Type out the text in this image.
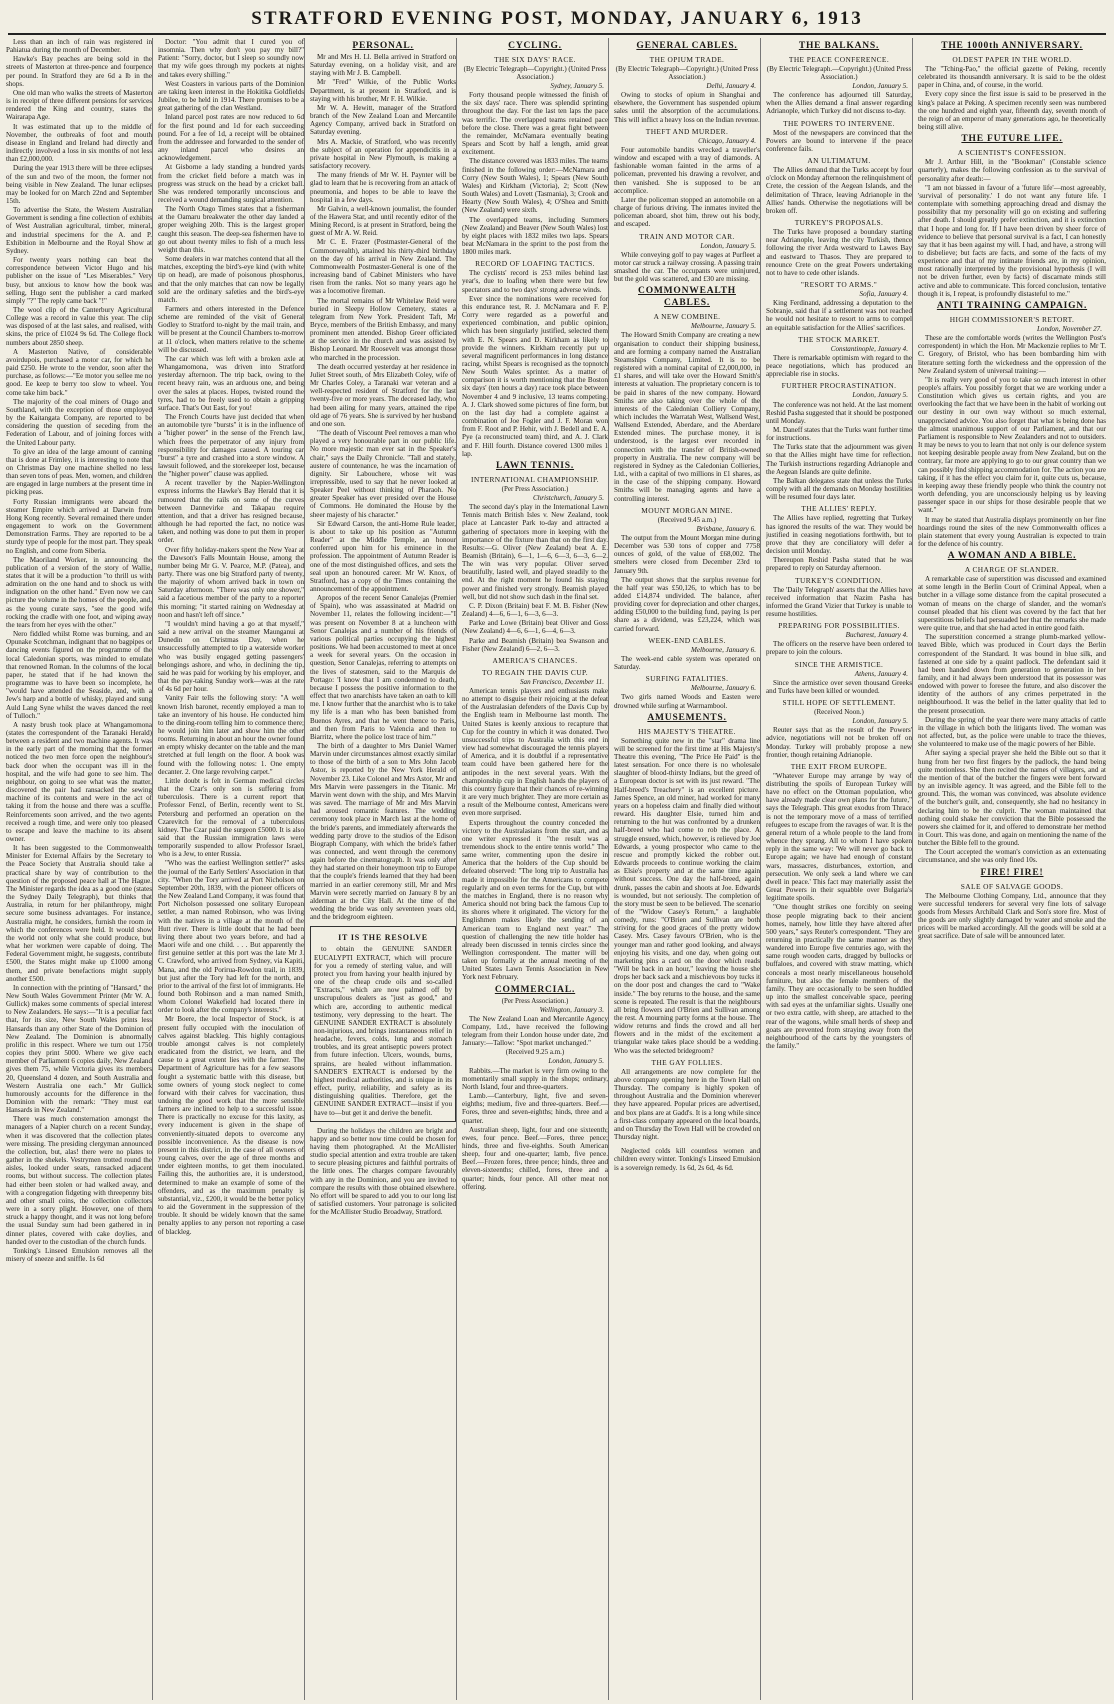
STRATFORD EVENING POST, MONDAY, JANUARY 6, 1913

Less than an inch of rain was registered in Pahiatua during the month of December.

Hawke's Bay peaches are being sold in the streets of Masterton at three-pence and fourpence per pound. In Stratford they are 6d a lb in the shops.

One old man who walks the streets of Masterton is in receipt of three different pensions for services rendered the King and country, states the Wairarapa Age.

It was estimated that up to the middle of November, the outbreaks of foot and mouth disease in England and Ireland had directly and indirectly involved a loss in six months of not less than £2,000,000.

During the year 1913 there will be three eclipses of the sun and two of the moon, the former not being visible in New Zealand. The lunar eclipses may be looked for on March 22nd and September 15th.

To advertise the State, the Western Australian Government is sending a fine collection of exhibits of West Australian agricultural, timber, mineral, and industrial specimens for the A. and P. Exhibition in Melbourne and the Royal Show at Sydney.

For twenty years nothing can beat the correspondence between Victor Hugo and his publisher on the issue of "Les Miserables." Very busy, but anxious to know how the book was selling, Hugo sent the publisher a card marked simply "?" The reply came back "!"

The wool clip of the Canterbury Agricultural College was a record in value this year. The clip was disposed of at the last sales, and realised, with skins, the price of £1024 9s 6d. The College flock numbers about 2850 sheep.

A Masterton Native, of considerable avoirdupois, purchased a motor car, for which he paid £250. He wrote to the vendor, soon after the purchase, as follows:—"Ee motor you sellee me no good. Ee keep te berry too slow to wheel. You come take him back."

The majority of the coal miners of Otago and Southland, with the exception of those employed by the Kaitangata Company, are reported to be considering the question of seceding from the Federation of Labour, and of joining forces with the United Labour party.

To give an idea of the large amount of canning that is done at Frimley, it is interesting to note that on Christmas Day one machine shelled no less than seven tons of peas. Men, women, and children are engaged in large numbers at the present time in picking peas.

Forty Russian immigrants were aboard the steamer Empire which arrived at Darwin from Hong Kong recently. Several remained there under engagement to work on the Government Demonstration Farms. They are reported to be a sturdy type of people for the most part. They speak no English, and come from Siberia.

The Maoriland Worker, in announcing the publication of a version of the story of Wallie, states that it will be a production "to thrill us with admiration on the one hand and to shock us with indignation on the other hand." Even now we can picture the volume in the homes of the people, and, as the young curate says, "see the good wife rocking the cradle with one foot, and wiping away the tears from her eyes with the other."

Nero fiddled whilst Rome was burning, and an Opunake Scotchman, indignant that no bagpipes or dancing events figured on the programme of the local Caledonian sports, was minded to emulate that renowned Roman. In the columns of the local paper, he stated that if he had known the programme was to have been so incomplete, he "would have attended the Seaside, and, with a Jew's harp and a bottle of whisky, played and sung Auld Lang Syne whilst the waves danced the reel of Tulloch."

A nasty brush took place at Whangamomona (states the correspondent of the Taranaki Herald) between a resident and two machine agents. It was in the early part of the morning that the former noticed the two men force open the neighbour's back door when the occupant was ill in the hospital, and the wife had gone to see him. The neighbour, on going to see what was the matter, discovered the pair had ransacked the sewing machine of its contents and were in the act of taking it from the house and there was a scuffle. Reinforcements soon arrived, and the two agents received a rough time, and were only too pleased to escape and leave the machine to its absent owner.

It has been suggested to the Commonwealth Minister for External Affairs by the Secretary to the Peace Society that Australia should take a practical share by way of contribution to the question of the proposed peace hall at The Hague. The Minister regards the idea as a good one (states the Sydney Daily Telegraph), but thinks that Australia, in return for her philanthropy, might secure some business advantages. For instance, Australia might, he considers, furnish the room in which the conferences were held. It would show the world not only what she could produce, but what her workmen were capable of doing. The Federal Government might, he suggests, contribute £500, the States might make up £1000 among them, and private benefactions might supply another £500.

In connection with the printing of "Hansard," the New South Wales Government Printer (Mr W. A. Gullick) makes some comments of special interest to New Zealanders. He says:—"It is a peculiar fact that, for its size, New South Wales prints less Hansards than any other State of the Dominion of New Zealand. The Dominion is abnormally prolific in this respect. Where we turn out 1750 copies they print 5000. Where we give each member of Parliament 6 copies daily, New Zealand gives them 75, while Victoria gives its members 20, Queensland 4 dozen, and South Australia and Western Australia one each." Mr Gullick humorously accounts for the difference in the Dominion with the remark: "They must eat Hansards in New Zealand."

There was much consternation amongst the managers of a Napier church on a recent Sunday, when it was discovered that the collection plates were missing. The presiding clergyman announced the collection, but, alas! there were no plates to gather in the shekels. Vestrymen trotted round the aisles, looked under seats, ransacked adjacent rooms, but without success. The collection plates had either been stolen or had walked away, and with a congregation fidgeting with threepenny bits and other small coins, the collection collectors were in a sorry plight. However, one of them struck a happy thought, and it was not long before the usual Sunday sum had been gathered in in dinner plates, covered with cake doylies, and handed over to the custodian of the church funds.

Tonking's Linseed Emulsion removes all the misery of sneeze and sniffle. 1s 6d

Doctor: "You admit that I cured you of insomnia. Then why don't you pay my bill?" Patient: "Sorry, doctor, but I sleep so soundly now that my wife goes through my pockets at nights and takes every shilling."

West Coasters in various parts of the Dominion are taking keen interest in the Hokitika Goldfields Jubilee, to be held in 1914. There promises to be a great gathering of the clan Westland.

Inland parcel post rates are now reduced to 6d for the first pound and 1d for each succeeding pound. For a fee of 1d, a receipt will be obtained from the addressee and forwarded to the sender of any inland parcel who desires an acknowledgement.

At Gisborne a lady standing a hundred yards from the cricket field before a match was in progress was struck on the head by a cricket ball. She was rendered temporarily unconscious and received a wound demanding surgical attention.

The North Otago Times states that a fisherman at the Oamaru breakwater the other day landed a groper weighing 20lb. This is the largest groper caught this season. The deep-sea fishermen have to go out about twenty miles to fish of a much less weight than this.

Some dealers in war matches contend that all the matches, excepting the bird's-eye kind (with white tip on head), are made of poisonous phosphorus, and that the only matches that can now be legally sold are the ordinary safeties and the bird's-eye match.

Farmers and others interested in the Defence scheme are reminded of the visit of General Godley to Stratford to-night by the mail train, and will be present at the Council Chambers to-morrow at 11 o'clock, when matters relative to the scheme will be discussed.

The car which was left with a broken axle at Whangamomona, was driven into Stratford yesterday afternoon. The trip back, owing to the recent heavy rain, was an arduous one, and being over the sales at places. Hopes, twisted round the tyres, had to be freely used to obtain a gripping surface. That's Out East, for you!

The French Courts have just decided that when an automobile tyre "bursts" it is in the influence of a "higher power" in the sense of the French law, which frees the perpetrator of any injury from responsibility for damages caused. A touring car "burst" a tyre and crashed into a store window. A lawsuit followed, and the storekeeper lost, because the "higher power" clause was applied.

A recent traveller by the Napier-Wellington express informs the Hawke's Bay Herald that it is rumoured that the rails on some of the curves between Dannevirke and Takapau require attention, and that a driver has resigned because, although he had reported the fact, no notice was taken, and nothing was done to put them in proper order.

Over fifty holiday-makers spent the New Year at the Dawson's Falls Mountain House, among the number being Mr G. V. Pearce, M.P. (Patea), and party. There was one big Stratford party of twenty, the majority of whom arrived back in town on Saturday afternoon. "There was only one shower," said a facetious member of the party to a reporter this morning; "it started raining on Wednesday at noon and hasn't left off since."

"I wouldn't mind having a go at that myself," said a new arrival on the steamer Maunganui at Dunedin on Christmas Day, when he unsuccessfully attempted to tip a waterside worker who was busily engaged getting passengers' belongings ashore, and who, in declining the tip, said he was paid for working by his employer, and that the pay-taking Sunday work—was at the rate of 4s 6d per hour.

Vanity Fair tells the following story: "A well known Irish baronet, recently employed a man to take an inventory of his house. He conducted him to the dining-room telling him to commence there; he would join him later and show him the other rooms. Returning in about an hour the owner found an empty whisky decanter on the table and the man stretched at full length on the floor. A book was found with the following notes: 1. One empty decanter. 2. One large revolving carpet."

Little doubt is felt in German medical circles that the Czar's only son is suffering from tuberculosis. There is a current report that Professor Fenzl, of Berlin, recently went to St. Petersburg and performed an operation on the Czarevitch for the removal of a tuberculous kidney. The Czar paid the surgeon £5000. It is also said that the Russian immigration laws were temporarily suspended to allow Professor Israel, who is a Jew, to enter Russia.

"Who was the earliest Wellington settler?" asks the journal of the Early Settlers' Association in that city. "When the Tory arrived at Port Nicholson on September 20th, 1839, with the pioneer officers of the New Zealand Land Company, it was found that Port Nicholson possessed one solitary European settler, a man named Robinson, who was living with the natives in a village at the mouth of the Hutt river. There is little doubt that he had been living there about two years before, and had a Maori wife and one child. . . . But apparently the first genuine settler at this port was the late Mr J. C. Crawford, who arrived from Sydney, via Kapiti, Mana, and the old Porirua-Rowdon trail, in 1839, but just after the Tory had left for the north, and prior to the arrival of the first lot of immigrants. He found both Robinson and a man named Smith, whom Colonel Wakefield had located there in order to look after the company's interests."

Mr Boere, the local Inspector of Stock, is at present fully occupied with the inoculation of calves against blackleg. This highly contagious trouble amongst calves is not completely eradicated from the district, we learn, and the cause to a great extent lies with the farmer. The Department of Agriculture has for a few seasons fought a systematic battle with this disease, but some owners of young stock neglect to come forward with their calves for vaccination, thus undoing the good work that the more sensible farmers are inclined to help to a successful issue. There is practically no excuse for this laxity, as every inducement is given in the shape of conveniently-situated depots to overcome any possible inconvenience. As the disease is now present in this district, in the case of all owners of young calves, over the age of three months and under eighteen months, to get them inoculated. Failing this, the authorities are, it is understood, determined to make an example of some of the offenders, and as the maximum penalty is substantial, viz., £200, it would be the better policy to aid the Government in the suppression of the trouble. It should be widely known that the same penalty applies to any person not reporting a case of blackleg.

PERSONAL.

Mr and Mrs H. Ll. Bella arrived in Stratford on Saturday evening, on a holiday visit, and are staying with Mr J. B. Campbell.

Mr "Fred" Wilkie, of the Public Works Department, is at present in Stratford, and is staying with his brother, Mr F. H. Wilkie.

Mr W. A. Hewitt, manager of the Stratford branch of the New Zealand Loan and Mercantile Agency Company, arrived back in Stratford on Saturday evening.

Mrs A. Mackie, of Stratford, who was recently the subject of an operation for appendicitis in a private hospital in New Plymouth, is making a satisfactory recovery.

The many friends of Mr W. H. Paynter will be glad to learn that he is recovering from an attack of pneumonia, and hopes to be able to leave the hospital in a few days.

Mr Galvin, a well-known journalist, the founder of the Hawera Star, and until recently editor of the Mining Record, is at present in Stratford, being the guest of Mr A. W. Reid.

Mr C. E. Frazer (Postmaster-General of the Commonwealth), attained his thirty-third birthday on the day of his arrival in New Zealand. The Commonwealth Postmaster-General is one of the increasing band of Cabinet Ministers who have risen from the ranks. Not so many years ago he was a locomotive fireman.

The mortal remains of Mr Whitelaw Reid were buried in Sleepy Hollow Cemetery, states a telegram from New York. President Taft, Mr Bryce, members of the British Embassy, and many prominent men attended. Bishop Greer officiated at the service in the church and was assisted by Bishop Leonard. Mr Roosevelt was amongst those who marched in the procession.

The death occurred yesterday at her residence in Juliet Street south, of Mrs Elizabeth Coley, wife of Mr Charles Coley, a Taranaki war veteran and a well-respected resident of Stratford for the last twenty-five or more years. The deceased lady, who had been ailing for many years, attained the ripe old age of 76 years. She is survived by her husband and one son.

"The death of Viscount Peel removes a man who played a very honourable part in our public life. No more majestic man ever sat in the Speaker's chair," says the Daily Chronicle. "Tall and stately, austere of countenance, he was the incarnation of dignity. Sir Labouchere, whose wit was irrepressible, used to say that he never looked at Speaker Peel without thinking of Pharaoh. No greater Speaker has ever presided over the House of Commons. He dominated the House by the sheer majesty of his character."

Sir Edward Carson, the anti-Home Rule leader, is about to take up his position as "Autumn Reader" at the Middle Temple, an honour conferred upon him for his eminence in the profession. The appointment of Autumn Reader is one of the most distinguished offices, and sets the seal upon an honoured career. Mr W. Knox, of Stratford, has a copy of the Times containing the announcement of the appointment.

Apropos of the recent Senor Canalejas (Premier of Spain), who was assassinated at Madrid on November 11, relates the following incident:—"I was present on November 8 at a luncheon with Senor Canalejas and a number of his friends of various political parties occupying the highest positions. We had been accustomed to meet at once a week for several years. On the occasion in question, Senor Canalejas, referring to attempts on the lives of statesmen, said to the Marquis de Portago: 'I know that I am condemned to death, because I possess the positive information to the effect that two anarchists have taken an oath to kill me. I know further that the anarchist who is to take my life is a man who has been banished from Buenos Ayres, and that he went thence to Paris, and then from Paris to Valencia and then to Biarritz, where the police lost trace of him.'"

The birth of a daughter to Mrs Daniel Warner Marvin under circumstances almost exactly similar to those of the birth of a son to Mrs John Jacob Astor, is reported by the New York Herald of November 23. Like Colonel and Mrs Astor, Mr and Mrs Marvin were passengers in the Titanic. Mr Marvin went down with the ship, and Mrs Marvin was saved. The marriage of Mr and Mrs Marvin had aroused romantic features. The wedding ceremony took place in March last at the home of the bride's parents, and immediately afterwards the wedding party drove to the studios of the Edison Biograph Company, with which the bride's father was connected, and went through the ceremony again before the cinematograph. It was only after they had started on their honeymoon trip to Europe that the couple's friends learned that they had been married in an earlier ceremony still, Mr and Mrs Marvin were secretly married on January 8 by an alderman at the City Hall. At the time of the wedding the bride was only seventeen years old, and the bridegroom eighteen.

IT IS THE RESOLVE

to obtain the GENUINE SANDER EUCALYPTI EXTRACT, which will procure for you a remedy of sterling value, and will protect you from having your health injured by one of the cheap crude oils and so-called "Extracts," which are now palmed off by unscrupulous dealers as "just as good," and which are, according to authentic medical testimony, very depressing to the heart. The GENUINE SANDER EXTRACT is absolutely non-injurious, and brings instantaneous relief in headache, fevers, colds, lung and stomach troubles, and its great antiseptic powers protect from future infection. Ulcers, wounds, burns, sprains, are healed without inflammation. SANDER'S EXTRACT is endorsed by the highest medical authorities, and is unique in its effect, purity, reliability, and safety as its distinguishing qualities. Therefore, get the GENUINE SANDER EXTRACT—insist if you have to—but get it and derive the benefit.

During the holidays the children are bright and happy and so better now time could be chosen for having them photographed. At the McAllister studio special attention and extra trouble are taken to secure pleasing pictures and faithful portraits of the little ones. The charges compare favourably with any in the Dominion, and you are invited to compare the results with those obtained elsewhere. No effort will be spared to add you to our long list of satisfied customers. Your patronage is solicited for the McAllister Studio Broadway, Stratford.

CYCLING.
THE SIX DAYS' RACE.
(By Electric Telegraph—Copyright.) (United Press Association.)
Sydney, January 5.

Forty thousand people witnessed the finish of the six days' race. There was splendid sprinting throughout the day. For the last ten laps the pace was terrific. The overlapped teams retained pace before the close. There was a great fight between the remainder, McNamara eventually beating Spears and Scott by half a length, amid great excitement.

The distance covered was 1833 miles. The teams finished in the following order:—McNamara and Corry (New South Wales), 1; Spears (New South Wales) and Kirkham (Victoria), 2; Scott (New South Wales) and Lovett (Tasmania), 3; Crook and Hearty (New South Wales), 4; O'Shea and Smith (New Zealand) were sixth.

The overlapped teams, including Summers (New Zealand) and Beaver (New South Wales) lost by eight places with 1832 miles two laps. Spears beat McNamara in the sprint to the post from the 1800 miles mark.

RECORD OF LOAFING TACTICS.

The cyclists' record is 253 miles behind last year's, due to loafing when there were but few spectators and to two days' strong adverse winds.

Ever since the nominations were received for this endurance test, R. J. McNamara and F. P. Corry were regarded as a powerful and experienced combination, and public opinion, which has been singularly justified, selected them with E. N. Spears and D. Kirkham as likely to provide the winners. Kirkham recently put up several magnificent performances in long distance racing, whilst Spears is recognised as the topnotch New South Wales sprinter. As a matter of comparison it is worth mentioning that the Boston six days' (ten hours a day) race took place between November 4 and 9 inclusive, 13 teams competing. A. J. Clark showed some pictures of fine form, but on the last day had a complete against a combination of Joe Fogler and J. F. Moran won from F. Root and P. Hehir, with J. Bedell and E. A. Pye (a reconstructed team) third, and A. J. Clark and F. Hill fourth. Distance covered 1300 miles 1 lap.

LAWN TENNIS.
INTERNATIONAL CHAMPIONSHIP.
(Per Press Association.)
Christchurch, January 5.

The second day's play in the International Lawn Tennis match British Isles v. New Zealand, took place at Lancaster Park to-day and attracted a gathering of spectators more in keeping with the importance of the fixture than that on the first day. Results:—G. Oliver (New Zealand) beat A. E. Beamish (Britain), 6—1, 1—6, 6—3, 6—3, 6—2. The win was very popular. Oliver served beautifully, lasted well, and played steadily to the end. At the right moment he found his staying power and finished very strongly. Beamish played well, but did not show such dash in the final set.

C. P. Dixon (Britain) beat F. M. B. Fisher (New Zealand) 4—6, 6—1, 6—3, 6—3.

Parke and Lowe (Britain) beat Oliver and Goss (New Zealand) 4—6, 6—1, 6—4, 6—3.

Parke and Beamish (Britain) bea Swanson and Fisher (New Zealand) 6—2, 6—3.

AMERICA'S CHANCES.
TO REGAIN THE DAVIS CUP.
San Francisco, December 11.

American tennis players and enthusiasts make no attempt to disguise their rejoicing at the defeat of the Australasian defenders of the Davis Cup by the English team in Melbourne last month. The United States is keenly anxious to recapture that Cup for the country in which it was donated. Two unsuccessful trips to Australia with this end in view had somewhat discouraged the tennis players of America, and it is doubtful if a representative team could have been gathered here for the antipodes in the next several years. With the championship cup in English hands the players of this country figure that their chances of re-winning it are very much brighter. They are more certain as a result of the Melbourne contest, Americans were even more surprised.

Experts throughout the country conceded the victory to the Australasians from the start, and as one writer expressed it "the result was a tremendous shock to the entire tennis world." The same writer, commenting upon the desire in America that the holders of the Cup should be defeated observed: "The long trip to Australia has made it impossible for the Americans to compete regularly and on even terms for the Cup, but with the matches in England, there is no reason why America should not bring back the famous Cup to its shores where it originated. The victory for the Englishmen makes likely the sending of an American team to England next year." The question of challenging the new title holder has already been discussed in tennis circles since the Wellington correspondent. The matter will be taken up formally at the annual meeting of the United States Lawn Tennis Association in New York next February.

COMMERCIAL.
(Per Press Association.)
Wellington, January 3.

The New Zealand Loan and Mercantile Agency Company, Ltd., have received the following telegram from their London house under date, 2nd January:—Tallow: "Spot market unchanged."

(Received 9.25 a.m.)
London, January 5.

Rabbits.—The market is very firm owing to the momentarily small supply in the shops; ordinary, North Island, four and three-quarters.

Lamb.—Canterbury, light, five and seven-eighths; medium, five and three-quarters. Beef.—Fores, three and seven-eighths; hinds, three and a quarter.

Australian sheep, light, four and one sixteenth; ewes, four pence. Beef.—Fores, three pence; hinds, three and five-eighths. South American sheep, four and one-quarter; lamb, five pence. Beef.—Frozen fores, three pence; hinds, three and eleven-sixteenths; chilled, fores, three and a quarter; hinds, four pence. All other meat not offering.

GENERAL CABLES.
THE OPIUM TRADE.
(By Electric Telegraph—Copyright.) (United Press Association.)
Delhi, January 4.

Owing to stocks of opium in Shanghai and elsewhere, the Government has suspended opium sales until the absorption of the accumulations. This will inflict a heavy loss on the Indian revenue.

THEFT AND MURDER.
Chicago, January 4.

Four automobile bandits wrecked a traveller's window and escaped with a tray of diamonds. A fashionable woman fainted in the arms of a policeman, prevented his drawing a revolver, and then vanished. She is supposed to be an accomplice.

Later the policeman stopped an automobile on a charge of furious driving. The inmates invited the policeman aboard, shot him, threw out his body, and escaped.

TRAIN AND MOTOR CAR.
London, January 5.

While conveying golf to pay wages at Purfleet a motor car struck a railway crossing. A passing train smashed the car. The occupants were uninjured, but the gold was scattered, and £30 are missing.

COMMONWEALTH CABLES.
A NEW COMBINE.
Melbourne, January 5.

The Howard Smith Company are creating a new organisation to conduct their shipping business, and are forming a company named the Australian Steamships Company, Limited. It is to be registered with a nominal capital of £2,000,000, in £1 shares, and will take over the Howard Smith's interests at valuation. The proprietary concern is to be paid in shares of the new company. Howard Smiths are also taking over the whole of the interests of the Caledonian Colliery Company, which includes the Warratah West, Wallsend West, Wallsend Extended, Aberdare, and the Aberdare Extended mines. The purchase money, it is understood, is the largest ever recorded in connection with the transfer of British-owned property in Australia. The new company will be registered in Sydney as the Caledonian Collieries, Ltd., with a capital of two millions in £1 shares, as in the case of the shipping company. Howard Smiths will be managing agents and have a controlling interest.

MOUNT MORGAN MINE.
(Received 9.45 a.m.)
Brisbane, January 6.

The output from the Mount Morgan mine during December was 530 tons of copper and 7758 ounces of gold, of the value of £68,002. The smelters were closed from December 23rd to January 9th.

The output shows that the surplus revenue for the half year was £50,126, to which has to be added £14,874 undivided. The balance, after providing cover for depreciation and other charges, adding £50,000 to the building fund, paying 1s per share as a dividend, was £23,224, which was carried forward.

WEEK-END CABLES.
Melbourne, January 6.

The week-end cable system was operated on Saturday.

SURFING FATALITIES.
Melbourne, January 6.

Two girls named Woods and Easten were drowned while surfing at Warrnambool.

AMUSEMENTS.
HIS MAJESTY'S THEATRE.

Something quite new in the "star" drama line will be screened for the first time at His Majesty's Theatre this evening, "The Price He Paid" is the latest sensation. For once there is no wholesale slaughter of blood-thirsty Indians, but the greed of a European doctor is set with its just reward. "The Half-breed's Treachery" is an excellent picture. James Spence, an old miner, had worked for many years on a hopeless claim and finally died without reward. His daughter Elsie, turned him and returning to the hut was confronted by a drunken half-breed who had come to rob the place. A struggle ensued, which, however, is relieved by Joe Edwards, a young prospector who came to the rescue and promptly kicked the robber out. Edwards proceeds to continue working the claim as Elsie's property and at the same time again without success. One day the half-breed, again drunk, passes the cabin and shoots at Joe. Edwards is wounded, but not seriously. The completion of the story must be seen to be believed. The scenario of the "Widow Casey's Return," a laughable comedy, runs: "O'Brien and Sullivan are both striving for the good graces of the pretty widow Casey. Mrs. Casey favours O'Brien, who is the younger man and rather good looking, and always enjoying his visits, and one day, when going out marketing pins a card on the door which reads "Will be back in an hour," leaving the house she drops her back sack and a mischievous boy tucks it on the door post and changes the card to "Wake inside." The boy returns to the house, and the same scene is repeated. The result is that the neighbours all bring flowers and O'Brien and Sullivan among the rest. A mourning party forms at the house. The widow returns and finds the crowd and all her flowers and in the midst of the excitement a triangular wake takes place should be a wedding. Who was the selected bridegroom?

THE GAY FOLLIES.

All arrangements are now complete for the above company opening here in the Town Hall on Thursday. The company is highly spoken of throughout Australia and the Dominion wherever they have appeared. Popular prices are advertised, and box plans are at Gadd's. It is a long while since a first-class company appeared on the local boards, and on Thursday the Town Hall will be crowded on Thursday night.

Neglected colds kill countless women and children every winter. Tonking's Linseed Emulsion is a sovereign remedy. 1s 6d, 2s 6d, 4s 6d.

THE BALKANS.
THE PEACE CONFERENCE.
(By Electric Telegraph.—Copyright.) (United Press Association.)
London, January 5.

The conference has adjourned till Saturday, when the Allies demand a final answer regarding Adrianople, which Turkey did not discuss to-day.

THE POWERS TO INTERVENE.

Most of the newspapers are convinced that the Powers are bound to intervene if the peace conference fails.

AN ULTIMATUM.

The Allies demand that the Turks accept by four o'clock on Monday afternoon the relinquishment of Crete, the cession of the Aegean Islands, and the delimitation of Thrace, leaving Adrianople in the Allies' hands. Otherwise the negotiations will be broken off.

TURKEY'S PROPOSALS.

The Turks have proposed a boundary starting near Adrianople, leaving the city Turkish, thence following the river Arda westward to Lawes Bay and eastward to Thasos. They are prepared to renounce Crete on the great Powers undertaking not to have to cede other islands.

"RESORT TO ARMS."
Sofia, January 4.

King Ferdinand, addressing a deputation to the Sobranje, said that if a settlement was not reached he would not hesitate to resort to arms to compel an equitable satisfaction for the Allies' sacrifices.

THE STOCK MARKET.
Constantinople, January 4.

There is remarkable optimism with regard to the peace negotiations, which has produced an appreciable rise in stocks.

FURTHER PROCRASTINATION.
London, January 5.

The conference was not held. At the last moment Reshid Pasha suggested that it should be postponed until Monday.

M. Daneff states that the Turks want further time for instructions.

The Turks state that the adjournment was given so that the Allies might have time for reflection. The Turkish instructions regarding Adrianople and the Aegean Islands are quite definite.

The Balkan delegates state that unless the Turks comply with all the demands on Monday hostilities will be resumed four days later.

THE ALLIES' REPLY.

The Allies have replied, regretting that Turkey has ignored the results of the war. They would be justified in ceasing negotiations forthwith, but to prove that they are conciliatory will defer a decision until Monday.

Thereupon Reshid Pasha stated that he was prepared to reply on Saturday afternoon.

TURKEY'S CONDITION.

The 'Daily Telegraph' asserts that the Allies have received information that Nazim Pasha has informed the Grand Vizier that Turkey is unable to resume hostilities.

PREPARING FOR POSSIBILITIES.
Bucharest, January 4.

The officers on the reserve have been ordered to prepare to join the colours.

SINCE THE ARMISTICE.
Athens, January 4.

Since the armistice over seven thousand Greeks and Turks have been killed or wounded.

STILL HOPE OF SETTLEMENT.
(Received Noon.)
London, January 5.

Reuter says that as the result of the Powers' advice, negotiations will not be broken off on Monday. Turkey will probably propose a new frontier, though retaining Adrianople.

THE EXIT FROM EUROPE.

"Whatever Europe may arrange by way of distributing the spoils of European Turkey will have no effect on the Ottoman population, who have already made clear own plans for the future," says the Telegraph. This great exodus from Thrace is not the temporary move of a mass of terrified refugees to escape from the ravages of war. It is the general return of a whole people to the land from whence they sprang. All to whom I have spoken reply in the same way: 'We will never go back to Europe again; we have had enough of constant wars, massacres, disturbances, extortion, and persecution. We only seek a land where we can dwell in peace.' This fact may materially assist the Great Powers in their squabble over Bulgaria's legitimate spoils.

"One thought strikes one forcibly on seeing those people migrating back to their ancient homes, namely, how little they have altered after 500 years," says Reuter's correspondent. "They are returning in practically the same manner as they wandered into Europe five centuries ago, with the same rough wooden carts, dragged by bullocks or buffaloes, and covered with straw matting, which conceals a most nearly miscellaneous household furniture, but also the female members of the family. They are occasionally to be seen huddled up into the smallest conceivable space, peering with sad eyes at the unfamiliar sights. Usually one or two extra cattle, with sheep, are attached to the rear of the wagons, while small herds of sheep and goats are prevented from straying away from the neighbourhood of the carts by the youngsters of the family."

THE 1000th ANNIVERSARY.
OLDEST PAPER IN THE WORLD.

The "Tching-Pao," the official gazette of Peking, recently celebrated its thousandth anniversary. It is said to be the oldest paper in China, and, of course, in the world.

Every copy since the first issue is said to be preserved in the king's palace at Peking. A specimen recently seen was numbered the one hundred and eighth year, fifteenth day, seventh month of the reign of an emperor of many generations ago, he theoretically being still alive.

THE FUTURE LIFE.
A SCIENTIST'S CONFESSION.

Mr J. Arthur Hill, in the "Bookman" (Constable science quarterly), makes the following confession as to the survival of personality after death:—

"I am not biassed in favour of a 'future life'—most agreeably, 'survival of personality.' I do not want any future life. I contemplate with something approaching dread and dismay the possibility that my personality will go on existing and suffering after death. I should greatly prefer extinction, and it is extinction that I hope and long for. If I have been driven by sheer force of evidence to believe that personal survival is a fact, I can honestly say that it has been against my will. I had, and have, a strong will to disbelieve; but facts are facts, and some of the facts of my experience and that of my intimate friends are, in my opinion, most rationally interpreted by the provisional hypothesis (I will not be driven further, even by facts) of discarnate minds still active and able to communicate. This forced conclusion, tentative though it is, I repeat, is profoundly distasteful to me."

ANTI TRAINING CAMPAIGN.
HIGH COMMISSIONER'S RETORT.
London, November 27.

These are the comfortable words (writes the Wellington Post's correspondent) in which the Hon. Mr Mackenzie replies to Mr T. C. Gregory, of Bristol, who has been bombarding him with literature setting forth the wickedness and the oppression of the New Zealand system of universal training:—

"It is really very good of you to take so much interest in other people's affairs. You possibly forget that we are working under a Constitution which gives us certain rights, and you are overlooking the fact that we have been in the habit of working out our destiny in our own way without so much external, unappreciated advice. You also forget that what is being done has the almost unanimous support of our Parliament, and that our Parliament is responsible to New Zealanders and not to outsiders. It may be news to you to learn that not only is our defence system not keeping desirable people away from New Zealand, but on the contrary, far more are applying to go to our great country than we can possibly find shipping accommodation for. The action you are taking, if it has the effect you claim for it, quite cuts us, because, in keeping away these friendly people who think the country not worth defending, you are unconsciously helping us by leaving passenger space in our ships for those desirable people that we want."

It may be stated that Australia displays prominently on her fine hoardings round the sites of the new Commonwealth offices a plain statement that every young Australian is expected to train for the defence of his country.

A WOMAN AND A BIBLE.
A CHARGE OF SLANDER.

A remarkable case of superstition was discussed and examined at some length in the Berlin Court of Criminal Appeal, when a butcher in a village some distance from the capital prosecuted a woman of means on the charge of slander, and the woman's counsel pleaded that his client was covered by the fact that her superstitious beliefs had persuaded her that the remarks she made were quite true, and that she had acted in entire good faith.

The superstition concerned a strange plumb-marked yellow-leaved Bible, which was produced in Court days the Berlin correspondent of the Standard. It was bound in blue silk, and fastened at one side by a quaint padlock. The defendant said it had been handed down from generation to generation in her family, and it had always been understood that its possessor was endowed with power to foresee the future, and also discover the identity of the authors of any crimes perpetrated in the neighbourhood. It was the belief in the latter quality that led to the present prosecution.

During the spring of the year there were many attacks of cattle in the village in which both the litigants lived. The woman was not affected, but, as the police were unable to trace the thieves, she volunteered to make use of the magic powers of her Bible.

After saying a special prayer she held the Bible out so that it hung from her two first fingers by the padlock, the hand being quite motionless. She then recited the names of villagers, and at the mention of that of the butcher the fingers were bent forward by an invisible agency. It was agreed, and the Bible fell to the ground. This, the woman was convinced, was absolute evidence of the butcher's guilt, and, consequently, she had no hesitancy in declaring him to be the culprit. The woman maintained that nothing could shake her conviction that the Bible possessed the powers she claimed for it, and offered to demonstrate her method in Court. This was done, and again on mentioning the name of the butcher the Bible fell to the ground.

The Court accepted the woman's conviction as an extenuating circumstance, and she was only fined 10s.

FIRE! FIRE!
SALE OF SALVAGE GOODS.

The Melbourne Clothing Company, Ltd., announce that they were successful tenderers for several very fine lots of salvage goods from Messrs Archibald Clark and Son's store fire. Most of the goods are only slightly damaged by water and smoke and the prices will be marked accordingly. All the goods will be sold at a great sacrifice. Date of sale will be announced later.
